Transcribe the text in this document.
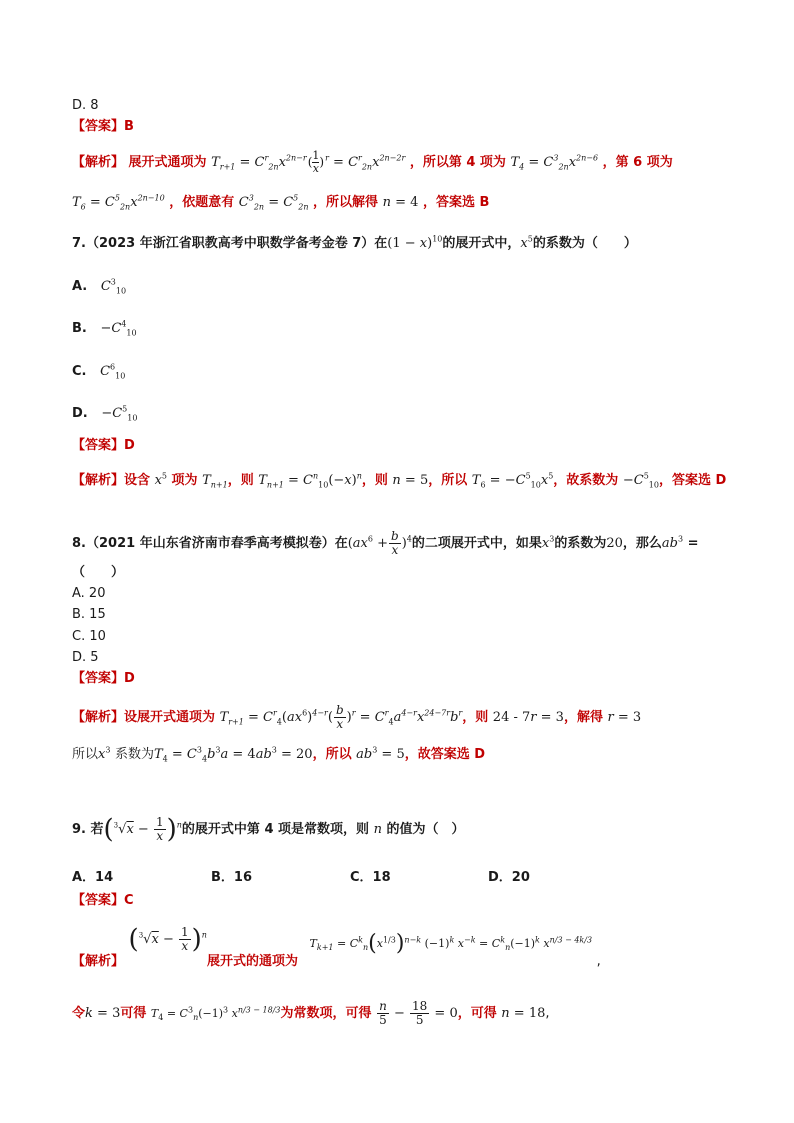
D. 8
【答案】B
【解析】 展开式通项为 $T_{r+1} = C^r_{2n}x^{2n-r}( \frac{1}{x} )^r = C^r_{2n}x^{2n-2r}$ ，所以第 4 项为 $T_4 = C^3_{2n}x^{2n-6}$ ，第 6 项为
$T_6 = C^5_{2n}x^{2n-10}$ ，依题意有 $C^3_{2n} = C^5_{2n}$ ，所以解得 n = 4 ，答案选 B
7.（2023 年浙江省职教高考中职数学备考金卷 7）在$(1 - x)^{10}$的展开式中，$x^5$的系数为（　　）
A. $C^3_{10}$
B. $-C^4_{10}$
C. $C^6_{10}$
D. $-C^5_{10}$
【答案】D
【解析】设含 $x^5$ 项为 $T_{n+1}$，则 $T_{n+1} = C^n_{10}(-x)^n$，则 n = 5，所以 $T_6 = -C^5_{10}x^5$，故系数为 $-C^5_{10}$，答案选 D
8.（2021 年山东省济南市春季高考模拟卷）在$(ax^6 + \frac{b}{x} )^4$的二项展开式中，如果$x^3$的系数为20，那么$ab^3$ =
（　　）
A. 20
B. 15
C. 10
D. 5
【答案】D
【解析】设展开式通项为 $T_{r+1} = C^r_4(ax^6)^{4-r}( \frac{b}{x} )^r = C^r_4a^{4-r}x^{24-7r}b^r$，则 24 - 7r = 3，解得 r = 3
所以$x^3$ 系数为$T_4 = C^3_4b^3a = 4ab^3 = 20$，所以 $ab^3 = 5$，故答案选 D
9. 若$(^3√x - \frac{1}{x} )^n$的展开式中第 4 项是常数项，则 n 的值为（　）
A．14	B．16	C．18	D．20
【答案】C
【解析】 $(^3√x - \frac{1}{x} )^n$展开式的通项为   $^{T_{k+1} = C^k_n(x^{1/3})^{n-k} (-1)^k x^{-k} = C^k_n(-1)^k x^{n/3 - 4k/3}}$ ,
令k = 3可得 $T_4 = C^3_n(-1)^3$ $x^{n/3 - 18/3}$为常数项，可得 $\frac{n}{5} - \frac{18}{5} = 0$，可得 n = 18,
